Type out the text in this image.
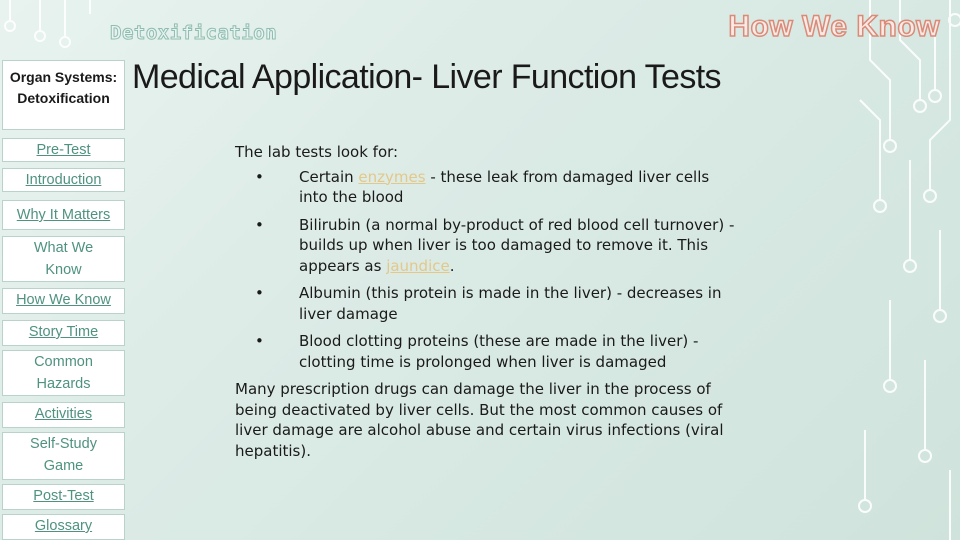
Detoxification	How We Know
Medical Application- Liver Function Tests
Organ Systems: Detoxification
Pre-Test
Introduction
Why It Matters
What We Know
How We Know
Story Time
Common Hazards
Activities
Self-Study Game
Post-Test
Glossary

The lab tests look for:

• Certain enzymes - these leak from damaged liver cells into the blood
• Bilirubin (a normal by-product of red blood cell turnover) - builds up when liver is too damaged to remove it. This appears as jaundice.
• Albumin (this protein is made in the liver) - decreases in liver damage
• Blood clotting proteins (these are made in the liver) - clotting time is prolonged when liver is damaged

Many prescription drugs can damage the liver in the process of being deactivated by liver cells. But the most common causes of liver damage are alcohol abuse and certain virus infections (viral hepatitis).
